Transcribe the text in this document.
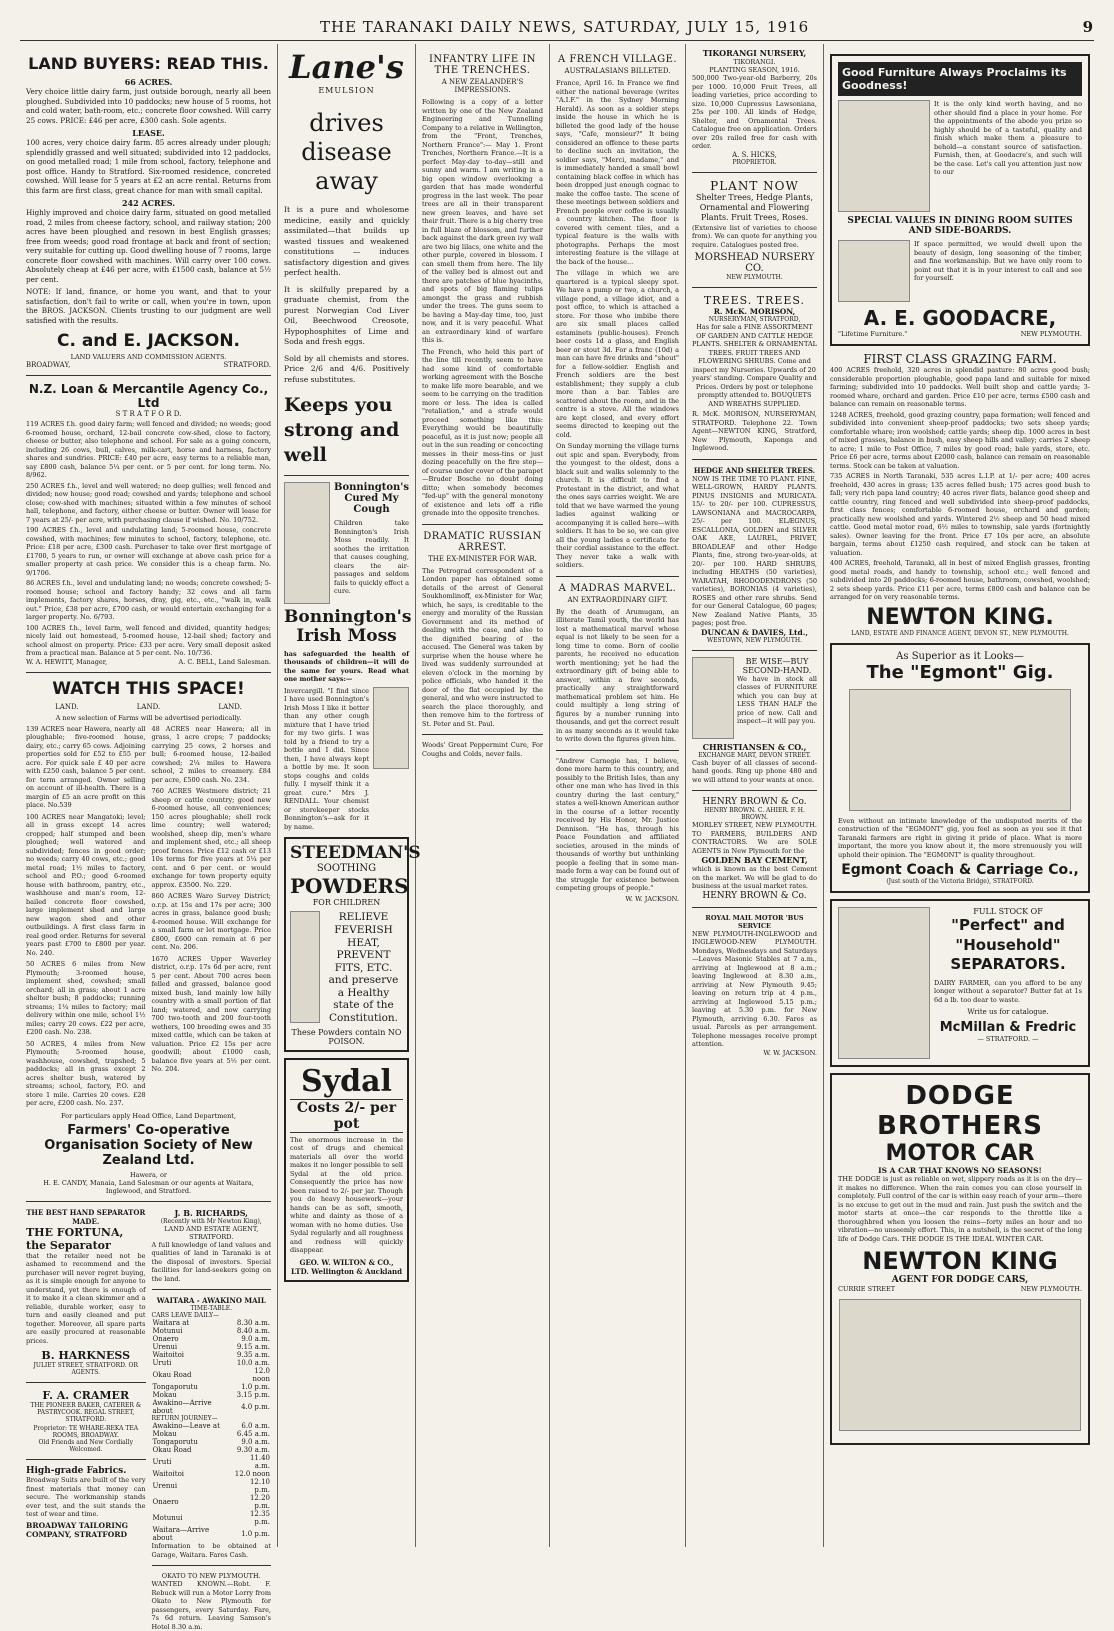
THE TARANAKI DAILY NEWS, SATURDAY, JULY 15, 1916	9
LAND BUYERS: READ THIS.
66 ACRES.
Very choice little dairy farm, just outside borough, nearly all been ploughed. Subdivided into 10 paddocks; new house of 5 rooms, hot and cold water, bath-room, etc.; concrete floor cowshed. Will carry 25 cows. PRICE: £46 per acre, £300 cash. Sole agents.
LEASE.
100 acres, very choice dairy farm. 85 acres already under plough; splendidly grassed and well situated; subdivided into 12 paddocks, on good metalled road; 1 mile from school, factory, telephone and post office. Handy to Stratford. Six-roomed residence, concreted cowshed. Will lease for 5 years at £2 an acre rental. Returns from this farm are first class, great chance for man with small capital.
242 ACRES.
Highly improved and choice dairy farm, situated on good metalled road, 2 miles from cheese factory, school, and railway station; 200 acres have been ploughed and resown in best English grasses; free from weeds; good road frontage at back and front of section; very suitable for cutting up. Good dwelling house of 7 rooms, large concrete floor cowshed with machines. Will carry over 100 cows. Absolutely cheap at £46 per acre, with £1500 cash, balance at 5½ per cent.
NOTE: If land, finance, or home you want, and that to your satisfaction, don't fail to write or call, when you're in town, upon the BROS. JACKSON. Clients trusting to our judgment are well satisfied with the results.
C. and E. JACKSON.
LAND VALUERS AND COMMISSION AGENTS.
BROADWAY,	STRATFORD.
N.Z. Loan & Mercantile Agency Co., Ltd
S T R A T F O R D.
119 ACRES f.h. good dairy farm; well fenced and divided; no weeds; good 6-roomed house, orchard, 12-bail concrete cow-shed, close to factory, cheese or butter, also telephone and school. For sale as a going concern, including 26 cows, bull, calves, milk-cart, horse and harness, factory shares and sundries. PRICE: £40 per acre, easy terms to a reliable man, say £800 cash, balance 5¼ per cent. or 5 per cent. for long term. No. 8/962.
250 ACRES f.h., level and well watered; no deep gullies; well fenced and divided; new house; good road; cowshed and yards; telephone and school close; cow-shed with machines; situated within a few minutes of school hall, telephone, and factory, either cheese or butter. Owner will lease for 7 years at 25/- per acre, with purchasing clause if wished. No. 10/752.
190 ACRES f.h., level and undulating land; 5-roomed house, concrete cowshed, with machines; few minutes to school, factory, telephone, etc. Price: £18 per acre, £300 cash. Purchaser to take over first mortgage of £1700, 5 years to run, or owner will exchange at above cash price for a smaller property at cash price. We consider this is a cheap farm. No. 9/1706.
86 ACRES f.h., level and undulating land; no weeds; concrete cowshed; 5-roomed house; school and factory handy; 32 cows and all farm implements, factory shares, horses, dray, gig, etc., etc., "walk in, walk out." Price, £38 per acre, £700 cash, or would entertain exchanging for a larger property. No. 6/793.
100 ACRES f.h., level farm, well fenced and divided, quantity hedges; nicely laid out homestead, 5-roomed house, 12-bail shed; factory and school almost on property. Price: £33 per acre. Very small deposit asked from a practical man. Balance at 5 per cent. No. 10/736.
W. A. HEWITT, Manager,	A. C. BELL, Land Salesman.
WATCH THIS SPACE!
LAND.	LAND.	LAND.
A new selection of Farms will be advertised periodically.
139 ACRES near Hawera, nearly all ploughable; five-roomed house, dairy, etc.; carry 65 cows. Adjoining properties sold for £52 to £55 per acre. For quick sale £ 40 per acre with £250 cash, balance 5 per cent. for term arranged. Owner selling on account of ill-health. There is a margin of £5 an acre profit on this place. No.539
100 ACRES near Mangatoki; level; all in grass except 14 acres cropped; half stumped and been ploughed; well watered and subdivided; fences in good order; no weeds; carry 40 cows, etc.; good metal road; 1½ miles to factory, school and P.O.; good 6-roomed house with bathroom, pantry, etc., washhouse and man's room, 12-bailed concrete floor cowshed, large implement shed and large new wagon shed and other outbuildings. A first class farm in real good order. Returns for several years past £700 to £800 per year. No. 240.
50 ACRES 6 miles from New Plymouth; 3-roomed house, implement shed, cowshed; small orchard; all in grass; about 1 acre shelter bush; 8 paddocks; running streams; 1¼ miles to factory; mail delivery within one mile, school 1½ miles; carry 20 cows. £22 per acre, £200 cash. No. 238.
50 ACRES, 4 miles from New Plymouth; 5-roomed house, washhouse, cowshed, trapshed; 5 paddocks; all in grass except 2 acres shelter bush, watered by streams; school, factory, P.O. and store 1 mile. Carries 20 cows. £28 per acre, £200 cash. No. 237.
48 ACRES near Hawera; all in grass, 1 acre crops; 7 paddocks; carrying 25 cows, 2 horses and bull; 6-roomed house, 12-bailed cowshed; 2¼ miles to Hawera school, 2 miles to creamery. £84 per acre, £500 cash. No. 234.
760 ACRES Westmere district; 21 sheep or cattle country; good new 6-roomed house, all conveniences; 150 acres ploughable; shell rock lime country; well watered; woolshed, sheep dip, men's whare and implement shed, etc.; all sheep proof fences. Price £12 cash or £13 10s terms for five years at 5¼ per cent. and 6 per cent. or would exchange for town property equity approx. £3500. No. 229.
860 ACRES Waro Survey District; o.r.p. at 15s and 17s per acre; 300 acres in grass, balance good bush; 4-roomed house. Will exchange for a small farm or let mortgage. Price £800, £600 can remain at 6 per cent. No. 206.
1670 ACRES Upper Waverley district, o.r.p. 17s 6d per acre, rent 5 per cent. About 700 acres been felled and grassed, balance good mixed bush, land mainly low hilly country with a small portion of flat land; watered, and now carrying 700 two-tooth and 200 four-tooth wethers, 100 breeding ewes and 35 mixed cattle, which can be taken at valuation. Price £2 15s per acre goodwill; about £1000 cash, balance five years at 5½ per cent. No. 204.
For particulars apply Head Office, Land Department,
Farmers' Co-operative Organisation Society of New Zealand Ltd.
Hawera, or
H. E. CANDY, Manaia, Land Salesman or our agents at Waitara, Inglewood, and Stratford.
THE BEST HAND SEPARATOR MADE.
THE FORTUNA, the Separator
that the retailer need not be ashamed to recommend and the purchaser will never regret buying, as it is simple enough for anyone to understand, yet there is enough of it to make it a clean skimmer and a reliable, durable worker, easy to turn and easily cleaned and put together. Moreover, all spare parts are easily procured at reasonable prices.
B. HARKNESS
JULIET STREET, STRATFORD. OR AGENTS.
F. A. CRAMER
THE PIONEER BAKER, CATERER & PASTRYCOOK. REGAL STREET, STRATFORD.
Proprietor: TE WHARE-REKA TEA ROOMS, BROADWAY.
Old Friends and New Cordially Welcomed.
High-grade Fabrics.
Broadway Suits are built of the very finest materials that money can secure. The workmanship stands ever test, and the suit stands the test of wear and time.
BROADWAY TAILORING COMPANY, STRATFORD
J. B. RICHARDS,
(Recently with Mr Newton King),
LAND AND ESTATE AGENT,
STRATFORD.
A full knowledge of land values and qualities of land in Taranaki is at the disposal of investors. Special facilities for land-seekers going on the land.
WAITARA - AWAKINO MAIL
TIME-TABLE.
CARS LEAVE DAILY—
Waitara at	8.30 a.m.
Motunui	8.40 a.m.
Onaero	9.0 a.m.
Urenui	9.15 a.m.
Waitoitoi	9.35 a.m.
Uruti	10.0 a.m.
Okau Road	12.0 noon
Tongaporutu	1.0 p.m.
Mokau	3.15 p.m.
Awakino—Arrive about	4.0 p.m.
RETURN JOURNEY—
Awakino—Leave at	6.0 a.m.
Mokau	6.45 a.m.
Tongaporutu	9.0 a.m.
Okau Road	9.30 a.m.
Uruti	11.40 a.m.
Waitoitoi	12.0 noon
Urenui	12.10 p.m.
Onaero	12.20 p.m.
Motunui	12.35 p.m.
Waitara—Arrive about	1.0 p.m.
Information to be obtained at Garage, Waitara. Fares Cash.
OKATO TO NEW PLYMOUTH.
WANTED KNOWN.—Robt. F. Rebuck will run a Motor Lorry from Okato to New Plymouth for passengers, every Saturday. Fare, 7s 6d return. Leaving Samson's Hotel 8.30 a.m.
Lane's
EMULSION
drives disease away
It is a pure and wholesome medicine, easily and quickly assimilated—that builds up wasted tissues and weakened constitutions — induces satisfactory digestion and gives perfect health.
It is skilfully prepared by a graduate chemist, from the purest Norwegian Cod Liver Oil, Beechwood Creosote, Hypophosphites of Lime and Soda and fresh eggs.
Sold by all chemists and stores. Price 2/6 and 4/6. Positively refuse substitutes.
Keeps you strong and well
Bonnington's Cured My Cough
Children take Bonnington's Irish Moss readily. It soothes the irritation that causes coughing, clears the air-passages and seldom fails to quickly effect a cure.
Bonnington's Irish Moss
has safeguarded the health of thousands of children—it will do the same for yours. Read what one mother says:—
Invercargill. "I find since I have used Bonnington's Irish Moss I like it better than any other cough mixture that I have tried for my two girls. I was told by a friend to try a bottle and I did. Since then, I have always kept a bottle by me. It soon stops coughs and colds fully. I myself think it a great cure." Mrs J. RENDALL. Your chemist or storekeeper stocks Bonnington's—ask for it by name.
STEEDMAN'S
SOOTHING
POWDERS
FOR CHILDREN
RELIEVE FEVERISH HEAT, PREVENT FITS, ETC. and preserve a Healthy state of the Constitution.
These Powders contain NO POISON.
Sydal
Costs 2/- per pot
The enormous increase in the cost of drugs and chemical materials all over the world makes it no longer possible to sell Sydal at the old price. Consequently the price has now been raised to 2/- per jar. Though you do heavy housework—your hands can be as soft, smooth, white and dainty as those of a woman with no home duties. Use Sydal regularly and all roughness and redness will quickly disappear.
GEO. W. WILTON & CO., LTD. Wellington & Auckland
INFANTRY LIFE IN THE TRENCHES.
A NEW ZEALANDER'S IMPRESSIONS.
Following is a copy of a letter written by one of the New Zealand Engineering and Tunnelling Company to a relative in Wellington, from the "Front, Trenches, Northern France":— May 1. Front Trenches, Northern France.—It is a perfect May-day to-day—still and sunny and warm. I am writing in a big open window overlooking a garden that has made wonderful progress in the last week. The pear trees are all in their transparent new green leaves, and have set their fruit. There is a big cherry tree in full blaze of blossom, and further back against the dark green ivy wall are two big lilacs, one white and the other purple, covered in blossom. I can smell them from here. The lily of the valley bed is almost out and there are patches of blue hyacinths, and spots of big flaming tulips amongst the grass and rubbish under the trees. The guns seem to be having a May-day time, too, just now, and it is very peaceful. What an extraordinary kind of warfare this is.
The French, who held this part of the line till recently, seem to have had some kind of comfortable working agreement with the Bosche to make life more bearable, and we seem to be carrying on the tradition more or less. The idea is called "retaliation," and a strafe would proceed something like this: Everything would be beautifully peaceful, as it is just now; people all out in the sun reading or concocting messes in their mess-tins or just dozing peacefully on the fire step—of course under cover of the parapet—Bruder Bosche no doubt doing ditto; when somebody becomes "fed-up" with the general monotony of existence and lets off a rifle grenade into the opposite trenches.
DRAMATIC RUSSIAN ARREST.
THE EX-MINISTER FOR WAR.
The Petrograd correspondent of a London paper has obtained some details of the arrest of General Soukhomlinoff, ex-Minister for War, which, he says, is creditable to the energy and morality of the Russian Government and its method of dealing with the case, and also to the dignified bearing of the accused. The General was taken by surprise when the house where he lived was suddenly surrounded at eleven o'clock in the morning by police officials, who handed it the door of the flat occupied by the general, and who were instructed to search the place thoroughly, and then remove him to the fortress of St. Peter and St. Paul.
Woods' Great Peppermint Cure, For Coughs and Colds, never fails.
A FRENCH VILLAGE.
AUSTRALASIANS BILLETED.
France, April 16. In France we find either the national beverage (writes "A.I.F." in the Sydney Morning Herald). As soon as a soldier steps inside the house in which he is billeted the good lady of the house says, "Cafe, monsieur?" It being considered an offence to these parts to decline such an invitation, the soldier says, "Merci, madame," and is immediately handed a small bowl containing black coffee in which has been dropped just enough cognac to make the coffee taste. The scene of these meetings between soldiers and French people over coffee is usually a country kitchen. The floor is covered with cement tiles, and a typical feature is the walls with photographs. Perhaps the most interesting feature is the village at the back of the house...
The village in which we are quartered is a typical sleepy spot. We have a pump or two, a church, a village pond, a village idiot, and a post office, to which is attached a store. For those who imbibe there are six small places called estaminets (public-houses). French beer costs 1d a glass, and English beer or stout 3d. For a franc (10d) a man can have five drinks and "shout" for a fellow-soldier. English and French soldiers are the best establishment; they supply a club more than a bar. Tables are scattered about the room, and in the centre is a stove. All the windows are kept closed, and every effort seems directed to keeping out the cold.
On Sunday morning the village turns out spic and span. Everybody, from the youngest to the oldest, dons a black suit and walks solemnly to the church. It is difficult to find a Protestant in the district, and what the ones says carries weight. We are told that we have warmed the young ladies against walking or accompanying it is called here—with soldiers. It has to be so, we can give all the young ladies a certificate for their cordial assistance to the effect. They never take a walk with soldiers.
A MADRAS MARVEL.
AN EXTRAORDINARY GIFT.
By the death of Arumugam, an illiterate Tamil youth, the world has lost a mathematical marvel whose equal is not likely to be seen for a long time to come. Born of coolie parents, he received no education worth mentioning; yet he had the extraordinary gift of being able to answer, within a few seconds, practically any straightforward mathematical problem set him. He could multiply a long string of figures by a number running into thousands, and get the correct result in as many seconds as it would take to write down the figures given him.
"Andrew Carnegie has, I believe, done more harm to this country, and possibly to the British Isles, than any other one man who has lived in this country during the last century," states a well-known American author in the course of a letter recently received by His Honor, Mr. Justice Dennison. "He has, through his Peace Foundation and affiliated societies, aroused in the minds of thousands of worthy but unthinking people a feeling that in some man-made form a way can be found out of the struggle for existence between competing groups of people."
W. W. JACKSON.
TIKORANGI NURSERY,
TIKORANGI.
PLANTING SEASON, 1916.
500,000 Two-year-old Barberry, 20s per 1000. 10,000 Fruit Trees, all leading varieties, price according to size. 10,000 Cupressus Lawsoniana, 25s per 100. All kinds of Hedge, Shelter, and Ornamental Trees. Catalogue free on application. Orders over 20s railed free for cash with order.
A. S. HICKS,
PROPRIETOR.
PLANT NOW
Shelter Trees, Hedge Plants, Ornamental and Flowering Plants. Fruit Trees, Roses.
(Extensive list of varieties to choose from). We can quote for anything you require. Catalogues posted free.
MORSHEAD NURSERY CO.
NEW PLYMOUTH.
TREES. TREES.
R. McK. MORISON,
NURSERYMAN, STRATFORD,
Has for sale a FINE ASSORTMENT OF GARDEN AND CATTLE HEDGE PLANTS. SHELTER & ORNAMENTAL TREES. FRUIT TREES AND FLOWERING SHRUBS. Come and inspect my Nurseries. Upwards of 20 years' standing. Compare Quality and Prices. Orders by post or telephone promptly attended to. BOUQUETS AND WREATHS SUPPLIED.
R. McK. MORISON, NURSERYMAN, STRATFORD. Telephone 22. Town Agent—NEWTON KING, Stratford, New Plymouth, Kaponga and Inglewood.
HEDGE AND SHELTER TREES.
NOW IS THE TIME TO PLANT. FINE, WELL-GROWN, HARDY PLANTS. PINUS INSIGNIS and MURICATA. 15/- to 20/- per 100. CUPRESSUS, LAWSONIANA and MACROCARPA, 25/- per 100. ELÆGNUS, ESCALLONIA, GOLDEN and SILVER OAK AKE, LAUREL, PRIVET, BROADLEAF and other Hedge Plants, fine, strong two-year-olds, at 20/- per 100. HARD SHRUBS, including HEATHS (50 varieties), WARATAH, RHODODENDRONS (50 varieties), BORONIAS (4 varieties), ROSES and other rare shrubs. Send for our General Catalogue, 60 pages; New Zealand Native Plants, 35 pages; post free.
DUNCAN & DAVIES, Ltd.,
WESTOWN, NEW PLYMOUTH.
BE WISE—BUY SECOND-HAND.
We have in stock all classes of FURNITURE which you can buy at LESS THAN HALF the price of new. Call and inspect—it will pay you.
CHRISTIANSEN & CO.,
EXCHANGE MART, DEVON STREET.
Cash buyer of all classes of second-hand goods. Ring up phone 480 and we will attend to your wants at once.
HENRY BROWN & Co.
HENRY BROWN. C. AHIER. F. H. BROWN.
MORLEY STREET, NEW PLYMOUTH. TO FARMERS, BUILDERS AND CONTRACTORS. We are SOLE AGENTS in New Plymouth for the
GOLDEN BAY CEMENT,
which is known as the best Cement on the market. We will be glad to do business at the usual market rates.
HENRY BROWN & Co.
ROYAL MAIL MOTOR 'BUS SERVICE
NEW PLYMOUTH-INGLEWOOD and INGLEWOOD-NEW PLYMOUTH. Mondays, Wednesdays and Saturdays —Leaves Masonic Stables at 7 a.m., arriving at Inglewood at 8 a.m.; leaving Inglewood at 8.30 a.m., arriving at New Plymouth 9.45; leaving on return trip at 4 p.m., arriving at Inglewood 5.15 p.m.; leaving at 5.30 p.m. for New Plymouth, arriving 6.30. Fares as usual. Parcels as per arrangement. Telephone messages receive prompt attention.
W. W. JACKSON.
Good Furniture Always Proclaims its Goodness!
It is the only kind worth having, and no other should find a place in your home. For the appointments of the abode you prize so highly should be of a tasteful, quality and finish which make them a pleasure to behold—a constant source of satisfaction. Furnish, then, at Goodacre's, and such will be the case. Let's call you attention just now to our
SPECIAL VALUES IN DINING ROOM SUITES AND SIDE-BOARDS.
If space permitted, we would dwell upon the beauty of design, long seasoning of the timber, and fine workmanship. But we have only room to point out that it is in your interest to call and see for yourself.
A. E. GOODACRE,
"Lifetime Furniture."	NEW PLYMOUTH.
FIRST CLASS GRAZING FARM.
400 ACRES freehold, 320 acres in splendid pasture: 80 acres good bush; considerable proportion ploughable, good papa land and suitable for mixed farming; subdivided into 10 paddocks. Well built shop and cattle yards; 3-roomed whare, orchard and garden. Price £10 per acre, terms £500 cash and balance can remain on reasonable terms.
1248 ACRES, freehold, good grazing country, papa formation; well fenced and subdivided into convenient sheep-proof paddocks; two sets sheep yards; comfortable whare; iron woolshed; cattle yards; sheep dip. 1000 acres in best of mixed grasses, balance in bush, easy sheep hills and valley; carries 2 sheep to acre; 1 mile to Post Office, 7 miles by good road; bale yards, store, etc. Price £6 per acre, terms about £2000 cash, balance can remain on reasonable terms. Stock can be taken at valuation.
735 ACRES in North Taranaki, 535 acres L.I.P. at 1/- per acre; 400 acres freehold, 430 acres in grass; 135 acres felled bush; 175 acres good bush to fall; very rich papa land country; 40 acres river flats, balance good sheep and cattle country, ring fenced and well subdivided into sheep-proof paddocks, first class fences; comfortable 6-roomed house, orchard and garden; practically new woolshed and yards. Wintered 2½ sheep and 50 head mixed cattle. Good metal motor road, 6½ miles to township, sale yards (fortnightly sales). Owner leaving for the front. Price £7 10s per acre, an absolute bargain, terms about £1250 cash required, and stock can be taken at valuation.
400 ACRES, freehold, Taranaki, all in best of mixed English grasses, fronting good metal roads, and handy to township, school etc.; well fenced and subdivided into 20 paddocks; 6-roomed house, bathroom, cowshed, woolshed; 2 sets sheep yards. Price £11 per acre, terms £800 cash and balance can be arranged for on very reasonable terms.
NEWTON KING.
LAND, ESTATE AND FINANCE AGENT, DEVON ST., NEW PLYMOUTH.
As Superior as it Looks—
The "Egmont" Gig.
Even without an intimate knowledge of the undisputed merits of the construction of the "EGMONT" gig, you feel as soon as you see it that Taranaki farmers are right in giving it pride of place. What is more important, the more you know about it, the more strenuously you will uphold their opinion. The "EGMONT" is quality throughout.
Egmont Coach & Carriage Co.,
(Just south of the Victoria Bridge), STRATFORD.
FULL STOCK OF
"Perfect" and "Household" SEPARATORS.
DAIRY FARMER, can you afford to be any longer without a separator? Butter fat at 1s 6d a lb. too dear to waste.
Write us for catalogue.
McMillan & Fredric
— STRATFORD. —
DODGE BROTHERS
MOTOR CAR
IS A CAR THAT KNOWS NO SEASONS!
THE DODGE is just as reliable on wet, slippery roads as it is on the dry—it makes no difference. When the rain comes you can close yourself in completely. Full control of the car is within easy reach of your arm—there is no excuse to get out in the mud and rain. Just push the switch and the motor starts at once—the car responds to the throttle like a thoroughbred when you loosen the reins—forty miles an hour and no vibration—no unseemly effort. This, in a nutshell, is the secret of the long life of Dodge Cars. THE DODGE IS THE IDEAL WINTER CAR.
NEWTON KING
AGENT FOR DODGE CARS,
CURRIE STREET	NEW PLYMOUTH.
